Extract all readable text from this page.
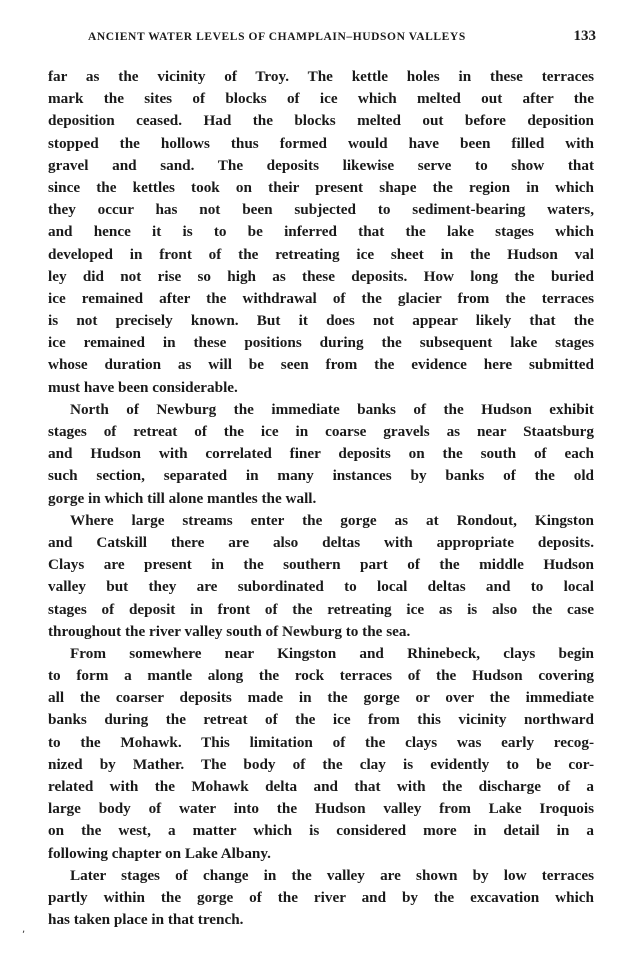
ANCIENT WATER LEVELS OF CHAMPLAIN–HUDSON VALLEYS	133
far as the vicinity of Troy. The kettle holes in these terraces
mark the sites of blocks of ice which melted out after the
deposition ceased. Had the blocks melted out before deposition
stopped the hollows thus formed would have been filled with
gravel and sand. The deposits likewise serve to show that
since the kettles took on their present shape the region in which
they occur has not been subjected to sediment-bearing waters,
and hence it is to be inferred that the lake stages which
developed in front of the retreating ice sheet in the Hudson val
ley did not rise so high as these deposits. How long the buried
ice remained after the withdrawal of the glacier from the terraces
is not precisely known. But it does not appear likely that the
ice remained in these positions during the subsequent lake stages
whose duration as will be seen from the evidence here submitted
must have been considerable.
North of Newburg the immediate banks of the Hudson exhibit
stages of retreat of the ice in coarse gravels as near Staatsburg
and Hudson with correlated finer deposits on the south of each
such section, separated in many instances by banks of the old
gorge in which till alone mantles the wall.
Where large streams enter the gorge as at Rondout, Kingston
and Catskill there are also deltas with appropriate deposits.
Clays are present in the southern part of the middle Hudson
valley but they are subordinated to local deltas and to local
stages of deposit in front of the retreating ice as is also the case
throughout the river valley south of Newburg to the sea.
From somewhere near Kingston and Rhinebeck, clays begin
to form a mantle along the rock terraces of the Hudson covering
all the coarser deposits made in the gorge or over the immediate
banks during the retreat of the ice from this vicinity northward
to the Mohawk. This limitation of the clays was early recog-
nized by Mather. The body of the clay is evidently to be cor-
related with the Mohawk delta and that with the discharge of a
large body of water into the Hudson valley from Lake Iroquois
on the west, a matter which is considered more in detail in a
following chapter on Lake Albany.
Later stages of change in the valley are shown by low terraces
partly within the gorge of the river and by the excavation which
has taken place in that trench.
,
